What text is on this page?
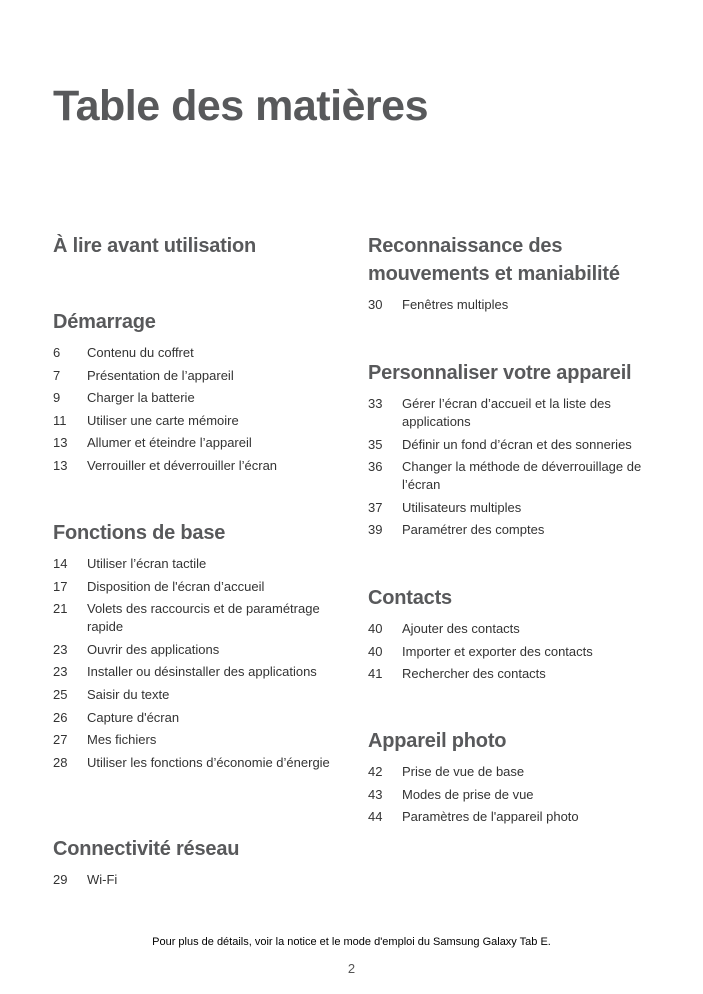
Table des matières
À lire avant utilisation
Démarrage
6	Contenu du coffret
7	Présentation de l’appareil
9	Charger la batterie
11	Utiliser une carte mémoire
13	Allumer et éteindre l’appareil
13	Verrouiller et déverrouiller l’écran
Fonctions de base
14	Utiliser l’écran tactile
17	Disposition de l'écran d’accueil
21	Volets des raccourcis et de paramétrage rapide
23	Ouvrir des applications
23	Installer ou désinstaller des applications
25	Saisir du texte
26	Capture d'écran
27	Mes fichiers
28	Utiliser les fonctions d’économie d’énergie
Connectivité réseau
29	Wi-Fi
Reconnaissance des mouvements et maniabilité
30	Fenêtres multiples
Personnaliser votre appareil
33	Gérer l’écran d’accueil et la liste des applications
35	Définir un fond d’écran et des sonneries
36	Changer la méthode de déverrouillage de l’écran
37	Utilisateurs multiples
39	Paramétrer des comptes
Contacts
40	Ajouter des contacts
40	Importer et exporter des contacts
41	Rechercher des contacts
Appareil photo
42	Prise de vue de base
43	Modes de prise de vue
44	Paramètres de l'appareil photo

Pour plus de détails, voir la notice et le mode d'emploi du Samsung Galaxy Tab E.

2
